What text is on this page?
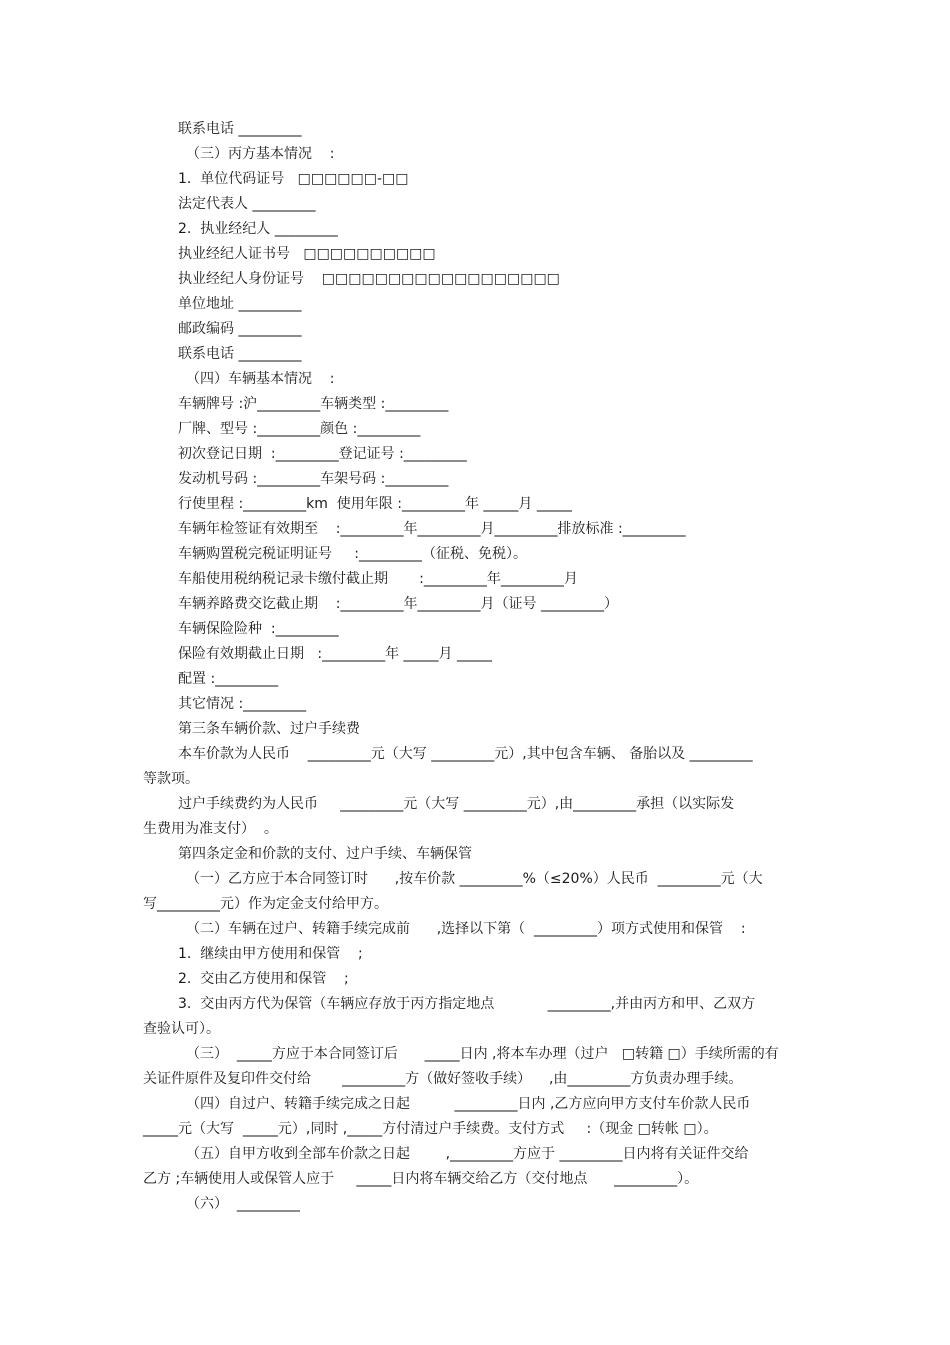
联系电话 _________
（三）丙方基本情况    :
1.  单位代码证号   □□□□□□-□□
法定代表人 _________
2.  执业经纪人 _________
执业经纪人证书号   □□□□□□□□□□
执业经纪人身份证号    □□□□□□□□□□□□□□□□□□
单位地址 _________
邮政编码 _________
联系电话 _________
（四）车辆基本情况    :
车辆牌号 :沪_________车辆类型 :_________
厂牌、型号 :_________颜色 :_________
初次登记日期  :_________登记证号 :_________
发动机号码 :_________车架号码 :_________
行使里程 :_________km  使用年限 :_________年 _____月 _____
车辆年检签证有效期至    :_________年_________月_________排放标准 :_________
车辆购置税完税证明证号     :_________（征税、免税）。
车船使用税纳税记录卡缴付截止期       :_________年_________月
车辆养路费交讫截止期    :_________年_________月（证号 _________）
车辆保险险种  :_________
保险有效期截止日期   :_________年 _____月 _____
配置 :_________
其它情况 :_________
第三条车辆价款、过户手续费
本车价款为人民币    _________元（大写 _________元）,其中包含车辆、 备胎以及 _________
等款项。
过户手续费约为人民币     _________元（大写 _________元）,由_________承担（以实际发
生费用为准支付）  。
第四条定金和价款的支付、过户手续、车辆保管
（一）乙方应于本合同签订时      ,按车价款 _________%（≤20%）人民币  _________元（大
写_________元）作为定金支付给甲方。
（二）车辆在过户、转籍手续完成前      ,选择以下第（  _________）项方式使用和保管    :
1.  继续由甲方使用和保管    ;
2.  交由乙方使用和保管    ;
3.  交由丙方代为保管（车辆应存放于丙方指定地点            _________,并由丙方和甲、乙双方
查验认可）。
（三）  _____方应于本合同签订后      _____日内 ,将本车办理（过户   □转籍 □）手续所需的有
关证件原件及复印件交付给       _________方（做好签收手续）    ,由_________方负责办理手续。
（四）自过户、转籍手续完成之日起          _________日内 ,乙方应向甲方支付车价款人民币
_____元（大写  _____元）,同时 ,_____方付清过户手续费。支付方式     :（现金 □转帐 □）。
（五）自甲方收到全部车价款之日起        ,_________方应于 _________日内将有关证件交给
乙方 ;车辆使用人或保管人应于     _____日内将车辆交给乙方（交付地点      _________）。
（六）  _________
